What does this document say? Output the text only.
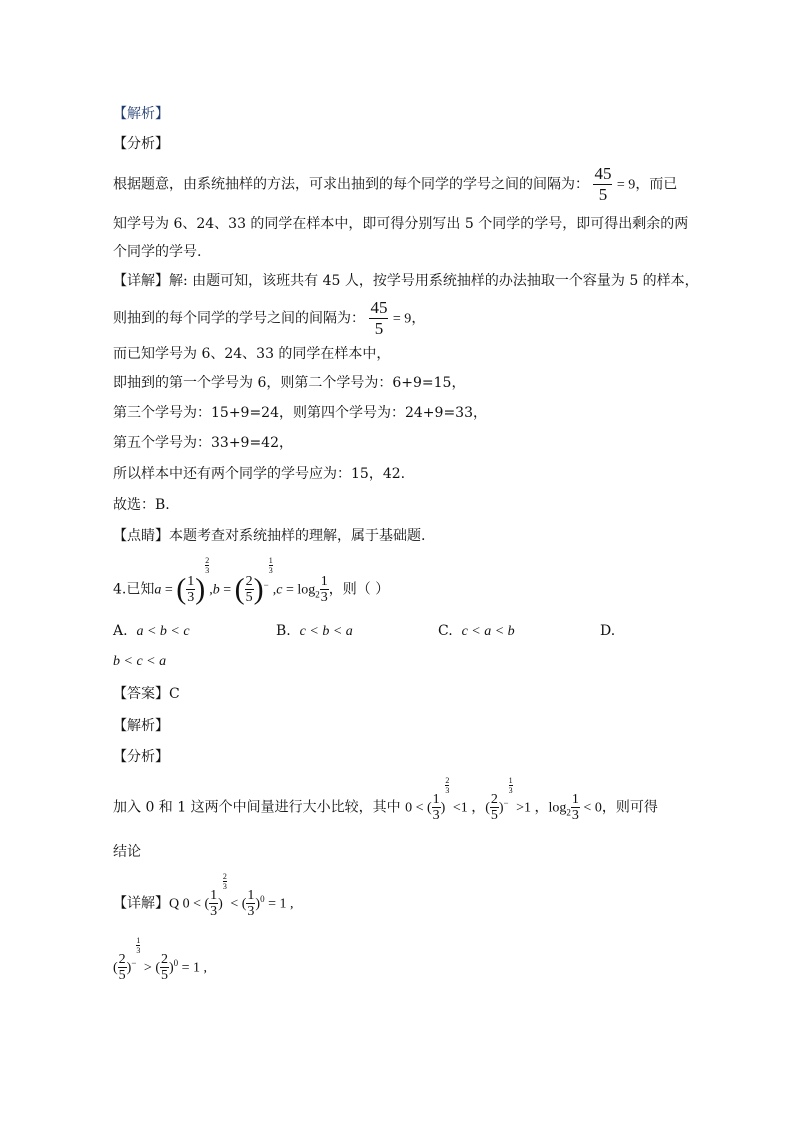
【解析】
【分析】
根据题意，由系统抽样的方法，可求出抽到的每个同学的学号之间的间隔为： $\frac{45}{5} = 9$，而已
知学号为 6、24、33 的同学在样本中，即可得分别写出 5 个同学的学号，即可得出剩余的两
个同学的学号.
【详解】解: 由题可知，该班共有 45 人，按学号用系统抽样的办法抽取一个容量为 5 的样本，
则抽到的每个同学的学号之间的间隔为： $\frac{45}{5} = 9$，
而已知学号为 6、24、33 的同学在样本中，
即抽到的第一个学号为 6，则第二个学号为：6+9=15，
第三个学号为：15+9=24，则第四个学号为：24+9=33，
第五个学号为：33+9=42，
所以样本中还有两个同学的学号应为：15，42.
故选：B.
【点睛】本题考查对系统抽样的理解，属于基础题.
4.已知a = ( $\frac{1}{3}$ )
$^{\frac{2}{3}}$,b = ( $\frac{2}{5} )^{- \frac{1}{3}},c = \log_2 \frac{1}{3}$ ，则（ ）
A. a < b < c	B. c < b < a	C. c < a < b	D.
b < c < a
【答案】C
【解析】
【分析】
加入 0 和 1 这两个中间量进行大小比较，其中 0 < ( $\frac{1}{3}$ )
$^{\frac{2}{3}}$ <1 ，( $\frac{2}{5} )^{- \frac{1}{3}} >1$ ，$\log_2 \frac{1}{3} < 0$，则可得
结论
【详解】Q 0 < ( $\frac{1}{3}$ )
$^{\frac{2}{3}}$ < ( $\frac{1}{3} )^0 = 1$ ,
( $\frac{2}{5} )^{- \frac{1}{3}}$ > ( $\frac{2}{5} )^0 = 1$ ,
